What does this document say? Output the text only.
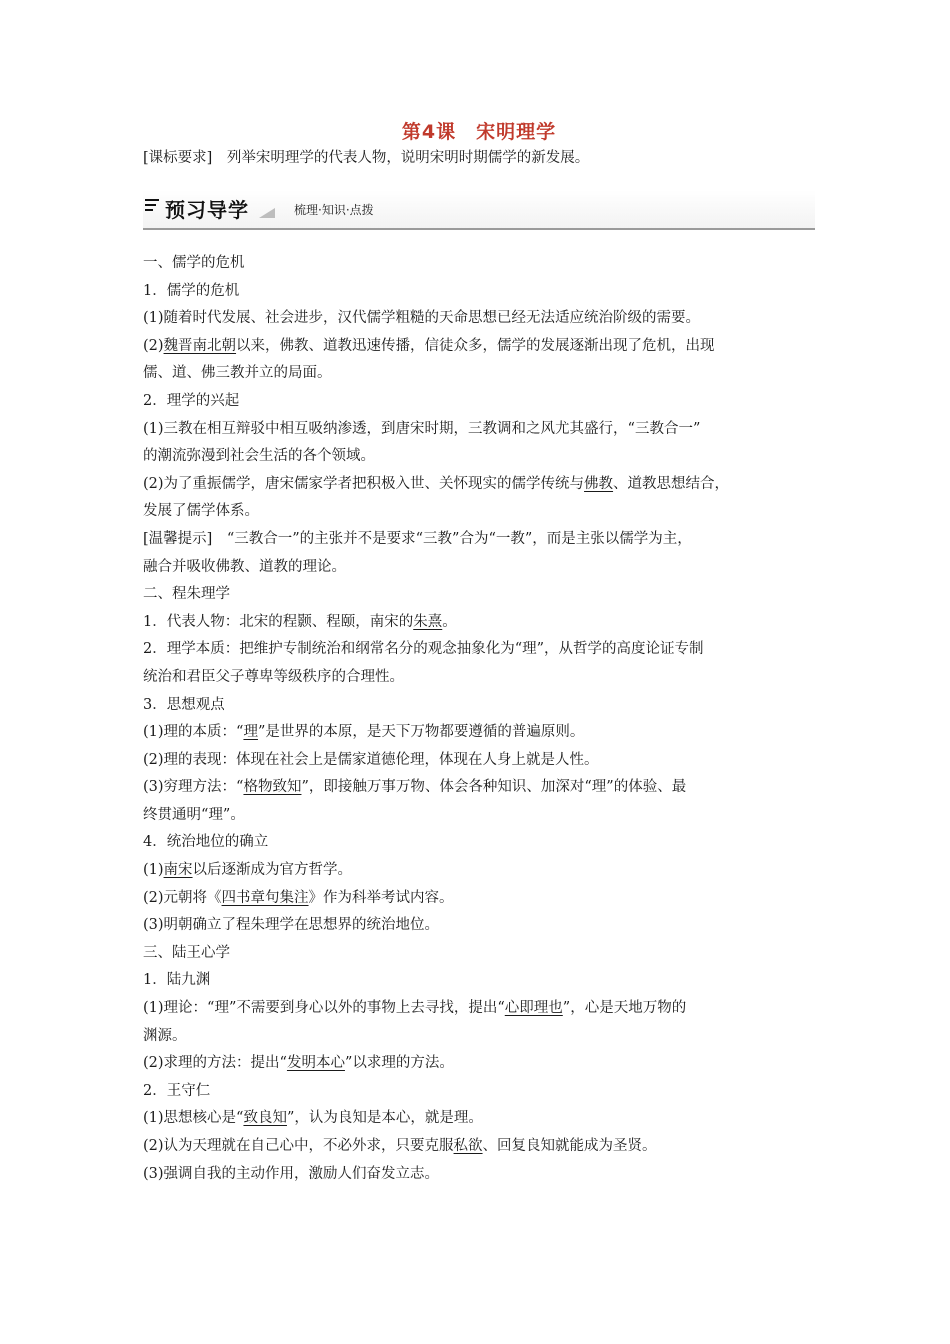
第4课　宋明理学
[课标要求]　列举宋明理学的代表人物，说明宋明时期儒学的新发展。
预习导学	梳理·知识·点拨

一、儒学的危机

1．儒学的危机

(1)随着时代发展、社会进步，汉代儒学粗糙的天命思想已经无法适应统治阶级的需要。

(2)魏晋南北朝以来，佛教、道教迅速传播，信徒众多，儒学的发展逐渐出现了危机，出现

儒、道、佛三教并立的局面。

2．理学的兴起

(1)三教在相互辩驳中相互吸纳渗透，到唐宋时期，三教调和之风尤其盛行，“三教合一”

的潮流弥漫到社会生活的各个领域。

(2)为了重振儒学，唐宋儒家学者把积极入世、关怀现实的儒学传统与佛教、道教思想结合，

发展了儒学体系。

[温馨提示]　“三教合一”的主张并不是要求“三教”合为“一教”，而是主张以儒学为主，

融合并吸收佛教、道教的理论。

二、程朱理学

1．代表人物：北宋的程颢、程颐，南宋的朱熹。

2．理学本质：把维护专制统治和纲常名分的观念抽象化为“理”，从哲学的高度论证专制

统治和君臣父子尊卑等级秩序的合理性。

3．思想观点

(1)理的本质：“理”是世界的本原，是天下万物都要遵循的普遍原则。

(2)理的表现：体现在社会上是儒家道德伦理，体现在人身上就是人性。

(3)穷理方法：“格物致知”，即接触万事万物、体会各种知识、加深对“理”的体验、最

终贯通明“理”。

4．统治地位的确立

(1)南宋以后逐渐成为官方哲学。

(2)元朝将《四书章句集注》作为科举考试内容。

(3)明朝确立了程朱理学在思想界的统治地位。

三、陆王心学

1．陆九渊

(1)理论：“理”不需要到身心以外的事物上去寻找，提出“心即理也”，心是天地万物的

渊源。

(2)求理的方法：提出“发明本心”以求理的方法。

2．王守仁

(1)思想核心是“致良知”，认为良知是本心，就是理。

(2)认为天理就在自己心中，不必外求，只要克服私欲、回复良知就能成为圣贤。

(3)强调自我的主动作用，激励人们奋发立志。
